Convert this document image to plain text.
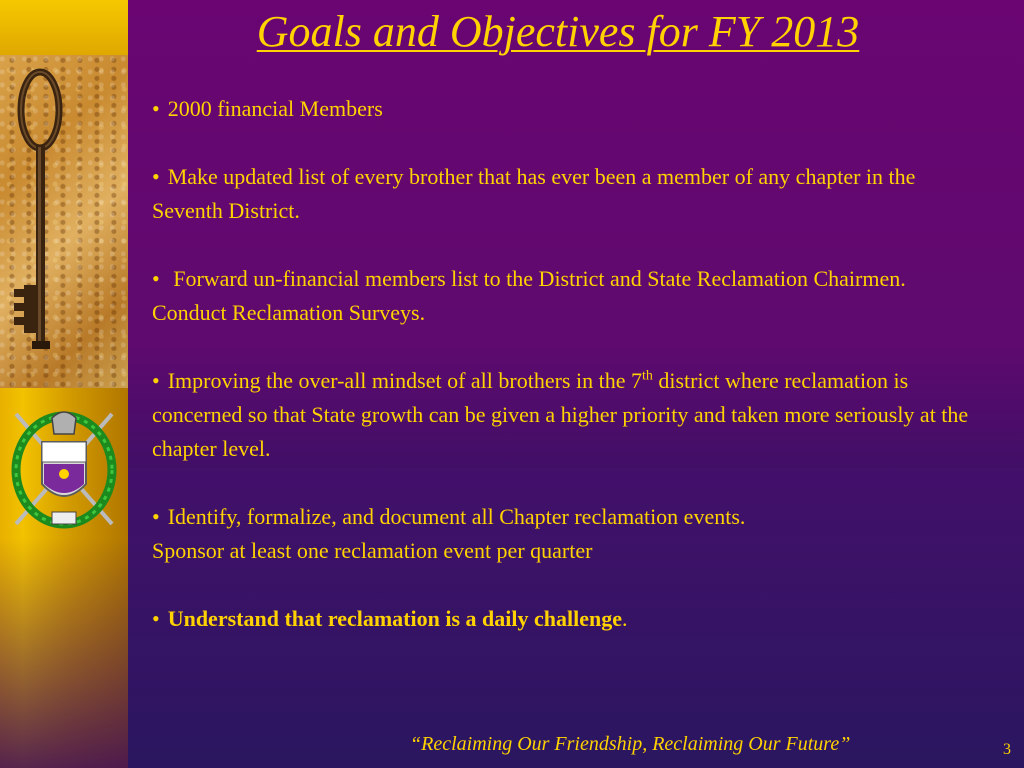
Goals and Objectives for FY 2013

• 2000 financial Members

• Make updated list of every brother that has ever been a member of any chapter in the Seventh District.

• Forward un-financial members list to the District and State Reclamation Chairmen.
Conduct Reclamation Surveys.

• Improving the over-all mindset of all brothers in the 7th district where reclamation is concerned so that State growth can be given a higher priority and taken more seriously at the chapter level.

• Identify, formalize, and document all Chapter reclamation events.
Sponsor at least one reclamation event per quarter

• Understand that reclamation is a daily challenge.

“Reclaiming Our Friendship, Reclaiming Our Future”	3
